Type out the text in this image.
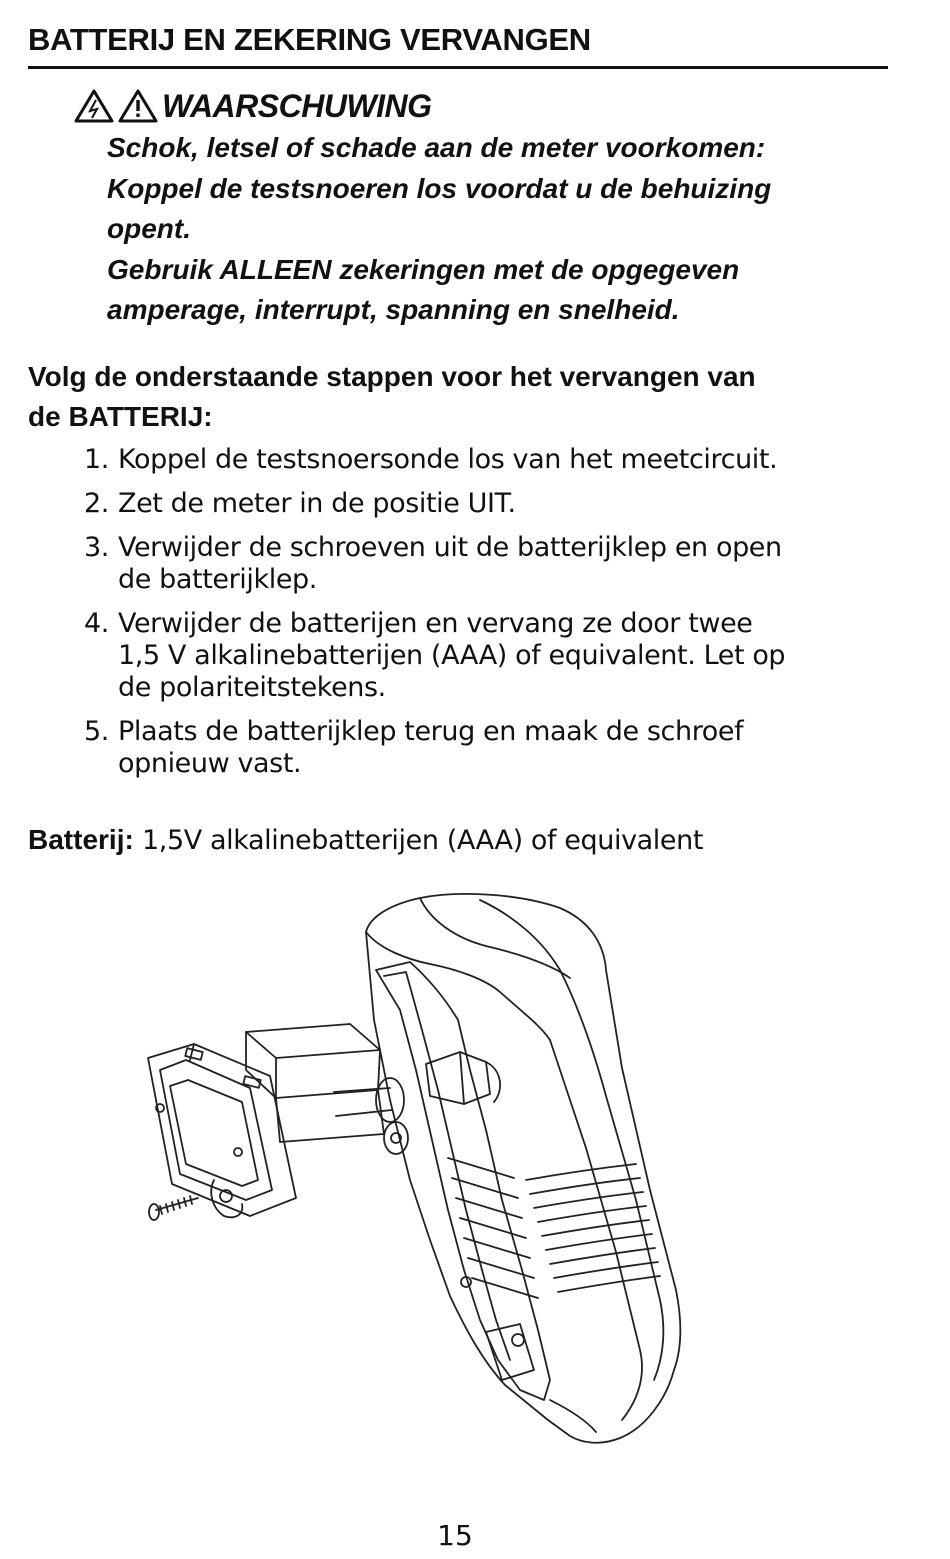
BATTERIJ EN ZEKERING VERVANGEN
WAARSCHUWING
Schok, letsel of schade aan de meter voorkomen:
Koppel de testsnoeren los voordat u de behuizing
opent.
Gebruik ALLEEN zekeringen met de opgegeven
amperage, interrupt, spanning en snelheid.
Volg de onderstaande stappen voor het vervangen van
de BATTERIJ:
1. Koppel de testsnoersonde los van het meetcircuit.
2. Zet de meter in de positie UIT.
3. Verwijder de schroeven uit de batterijklep en open
de batterijklep.
4. Verwijder de batterijen en vervang ze door twee
1,5 V alkalinebatterijen (AAA) of equivalent. Let op
de polariteitstekens.
5. Plaats de batterijklep terug en maak de schroef
opnieuw vast.
Batterij: 1,5V alkalinebatterijen (AAA) of equivalent
15
